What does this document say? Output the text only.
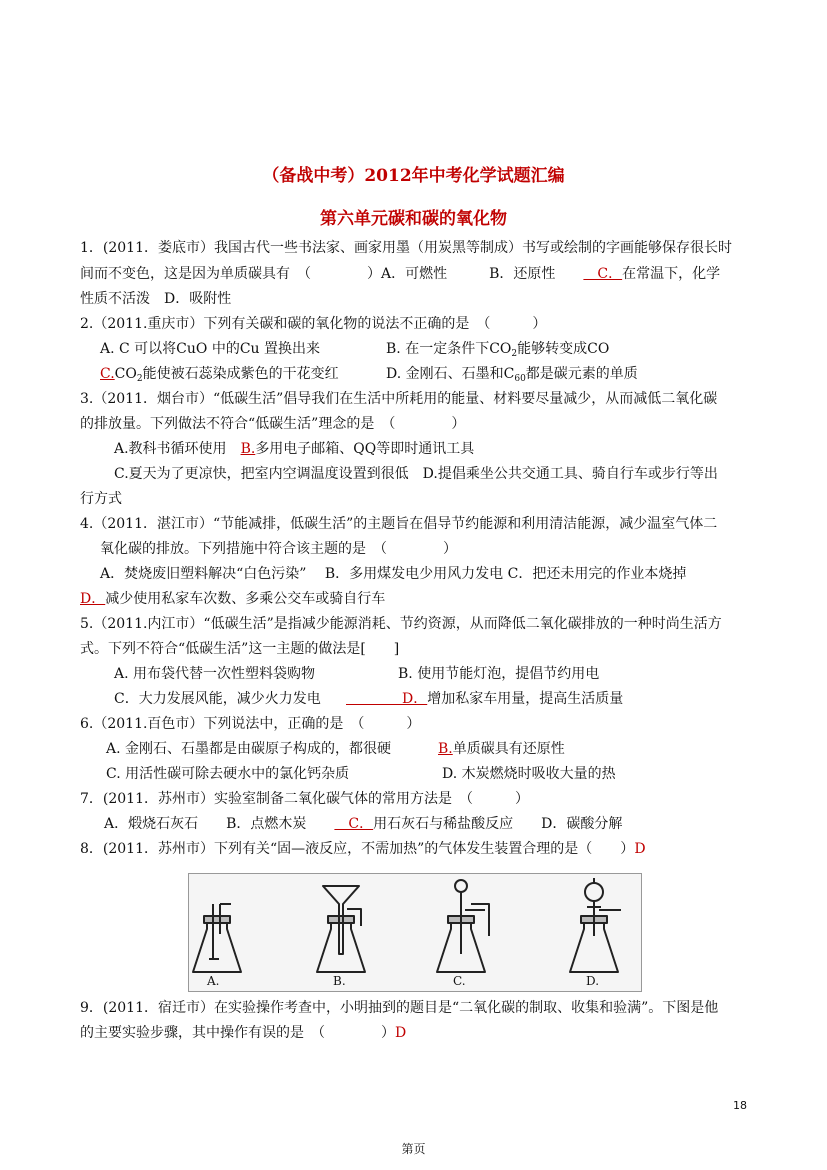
（备战中考）2012年中考化学试题汇编
第六单元碳和碳的氧化物
1．(2011．娄底市）我国古代一些书法家、画家用墨（用炭黑等制成）书写或绘制的字画能够保存很长时
间而不变色，这是因为单质碳具有　（　　　　）A．可燃性　　　B．还原性　　　C．在常温下，化学
性质不活泼　D．吸附性
2.（2011.重庆市）下列有关碳和碳的氧化物的说法不正确的是　（　　　）
A. C 可以将CuO 中的Cu 置换出来	B. 在一定条件下$CO_2$能够转变成CO
$C.CO_2$能使被石蕊染成紫色的干花变红	D. 金刚石、石墨和$C_{60}$都是碳元素的单质
3.（2011．烟台市）“低碳生活”倡导我们在生活中所耗用的能量、材料要尽量减少，从而减低二氧化碳
的排放量。下列做法不符合“低碳生活”理念的是　（　　　　）
A.教科书循环使用　B.多用电子邮箱、QQ等即时通讯工具
C.夏天为了更凉快，把室内空调温度设置到很低　D.提倡乘坐公共交通工具、骑自行车或步行等出
行方式
4.（2011．湛江市）“节能减排，低碳生活”的主题旨在倡导节约能源和利用清洁能源，减少温室气体二
氧化碳的排放。下列措施中符合该主题的是　（　　　　）
A．焚烧废旧塑料解决“白色污染”　 B．多用煤发电少用风力发电 C．把还未用完的作业本烧掉
D．减少使用私家车次数、多乘公交车或骑自行车
5.（2011.内江市）“低碳生活”是指减少能源消耗、节约资源，从而降低二氧化碳排放的一种时尚生活方
式。下列不符合“低碳生活”这一主题的做法是[　　]
A. 用布袋代替一次性塑料袋购物	B. 使用节能灯泡，提倡节约用电
C．大力发展风能，减少火力发电 　　　　D．增加私家车用量，提高生活质量
6.（2011.百色市）下列说法中，正确的是　（　　　）
A. 金刚石、石墨都是由碳原子构成的，都很硬	B.单质碳具有还原性
C. 用活性碳可除去硬水中的氯化钙杂质	D. 木炭燃烧时吸收大量的热
7．(2011．苏州市）实验室制备二氧化碳气体的常用方法是　（　　　）
A．煅烧石灰石　　B．点燃木炭　　　C．用石灰石与稀盐酸反应　　D．碳酸分解
8．(2011．苏州市）下列有关“固—液反应，不需加热”的气体发生装置合理的是（　　）D
A.	B.	C.	D.
9．(2011．宿迁市）在实验操作考查中，小明抽到的题目是“二氧化碳的制取、收集和验满”。下图是他
的主要实验步骤，其中操作有误的是　（　　　　）D
18
第页
